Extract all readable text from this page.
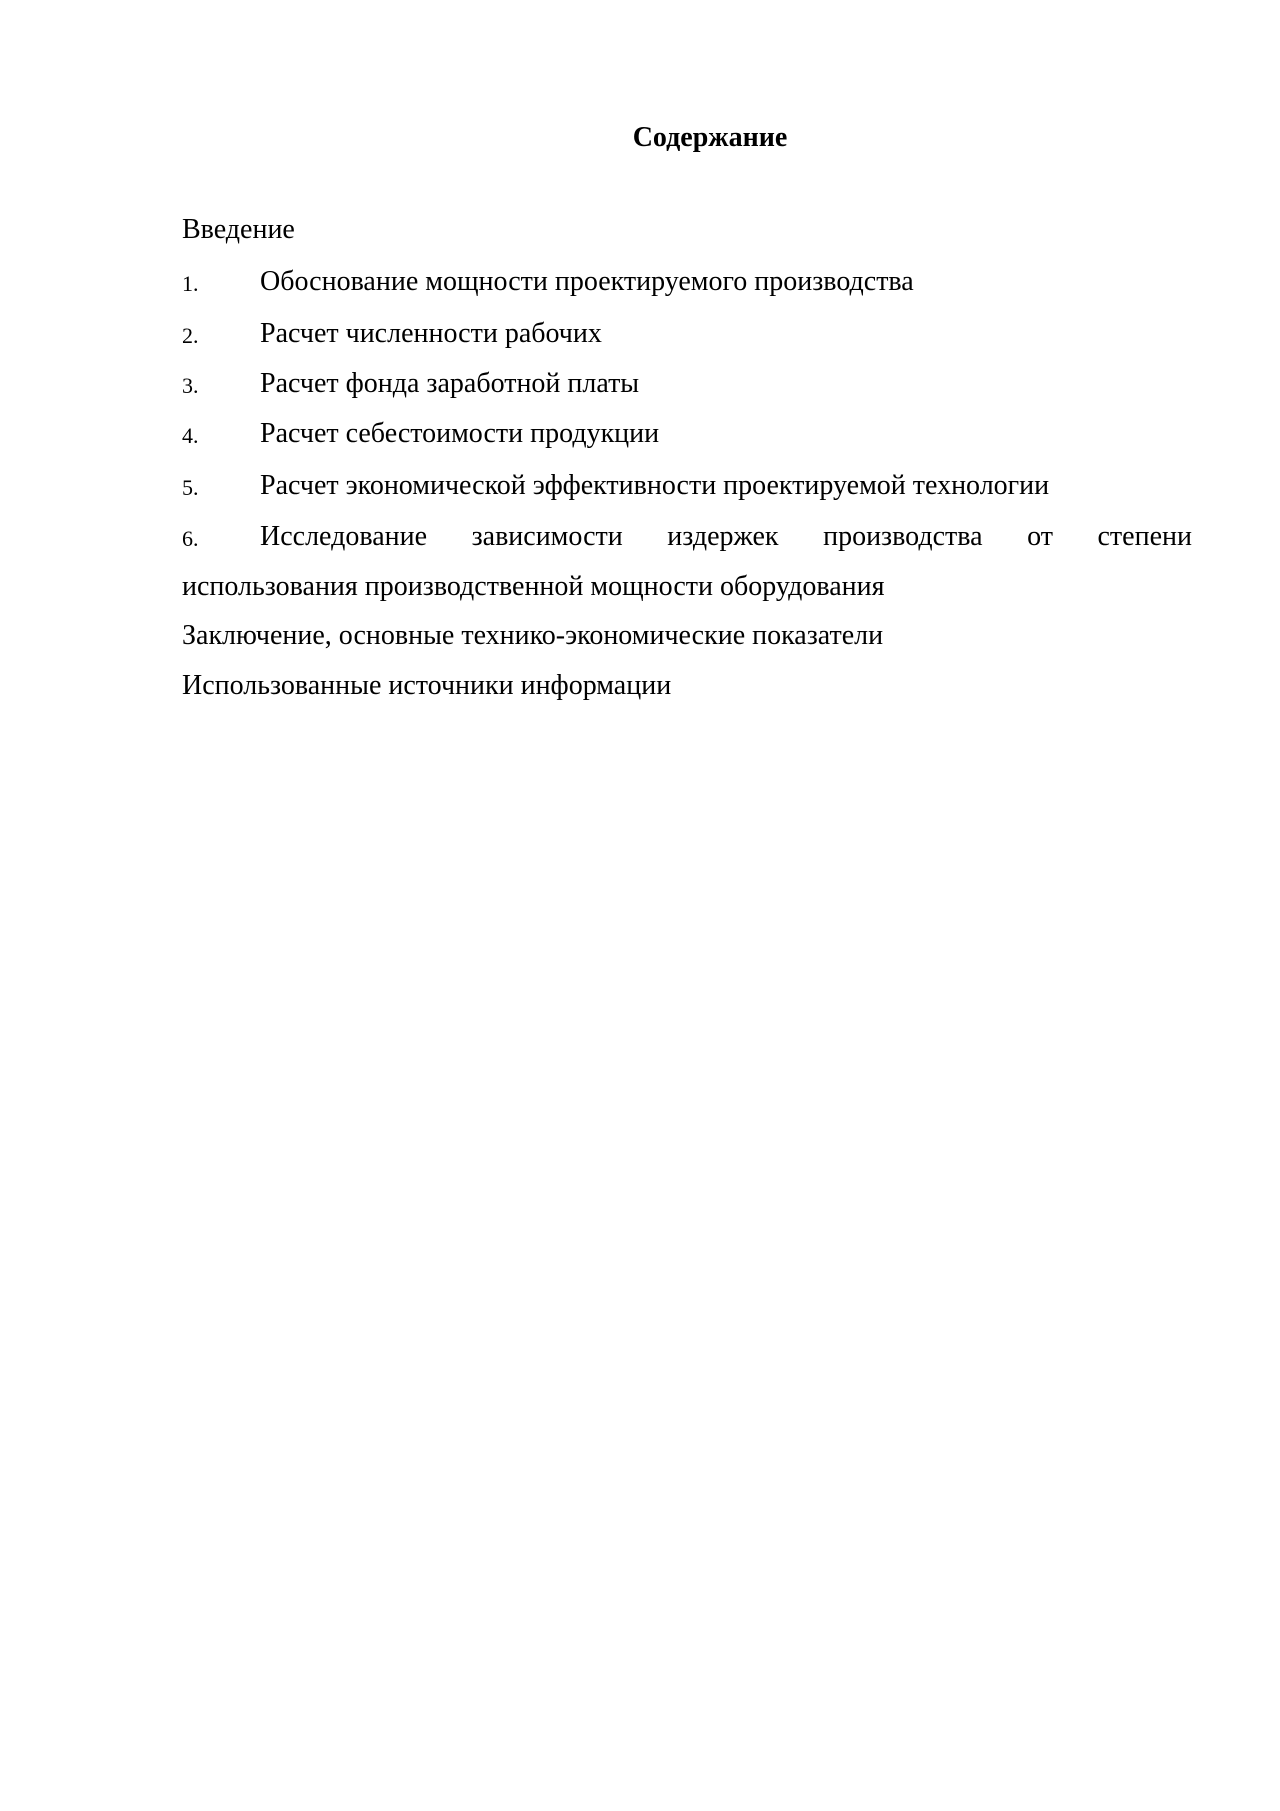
Содержание
Введение
1.	Обоснование мощности проектируемого производства
2.	Расчет численности рабочих
3.	Расчет фонда заработной платы
4.	Расчет себестоимости продукции
5.	Расчет экономической эффективности проектируемой технологии
6.	Исследование зависимости издержек производства от степени
использования производственной мощности оборудования
Заключение, основные технико-экономические показатели
Использованные источники информации
